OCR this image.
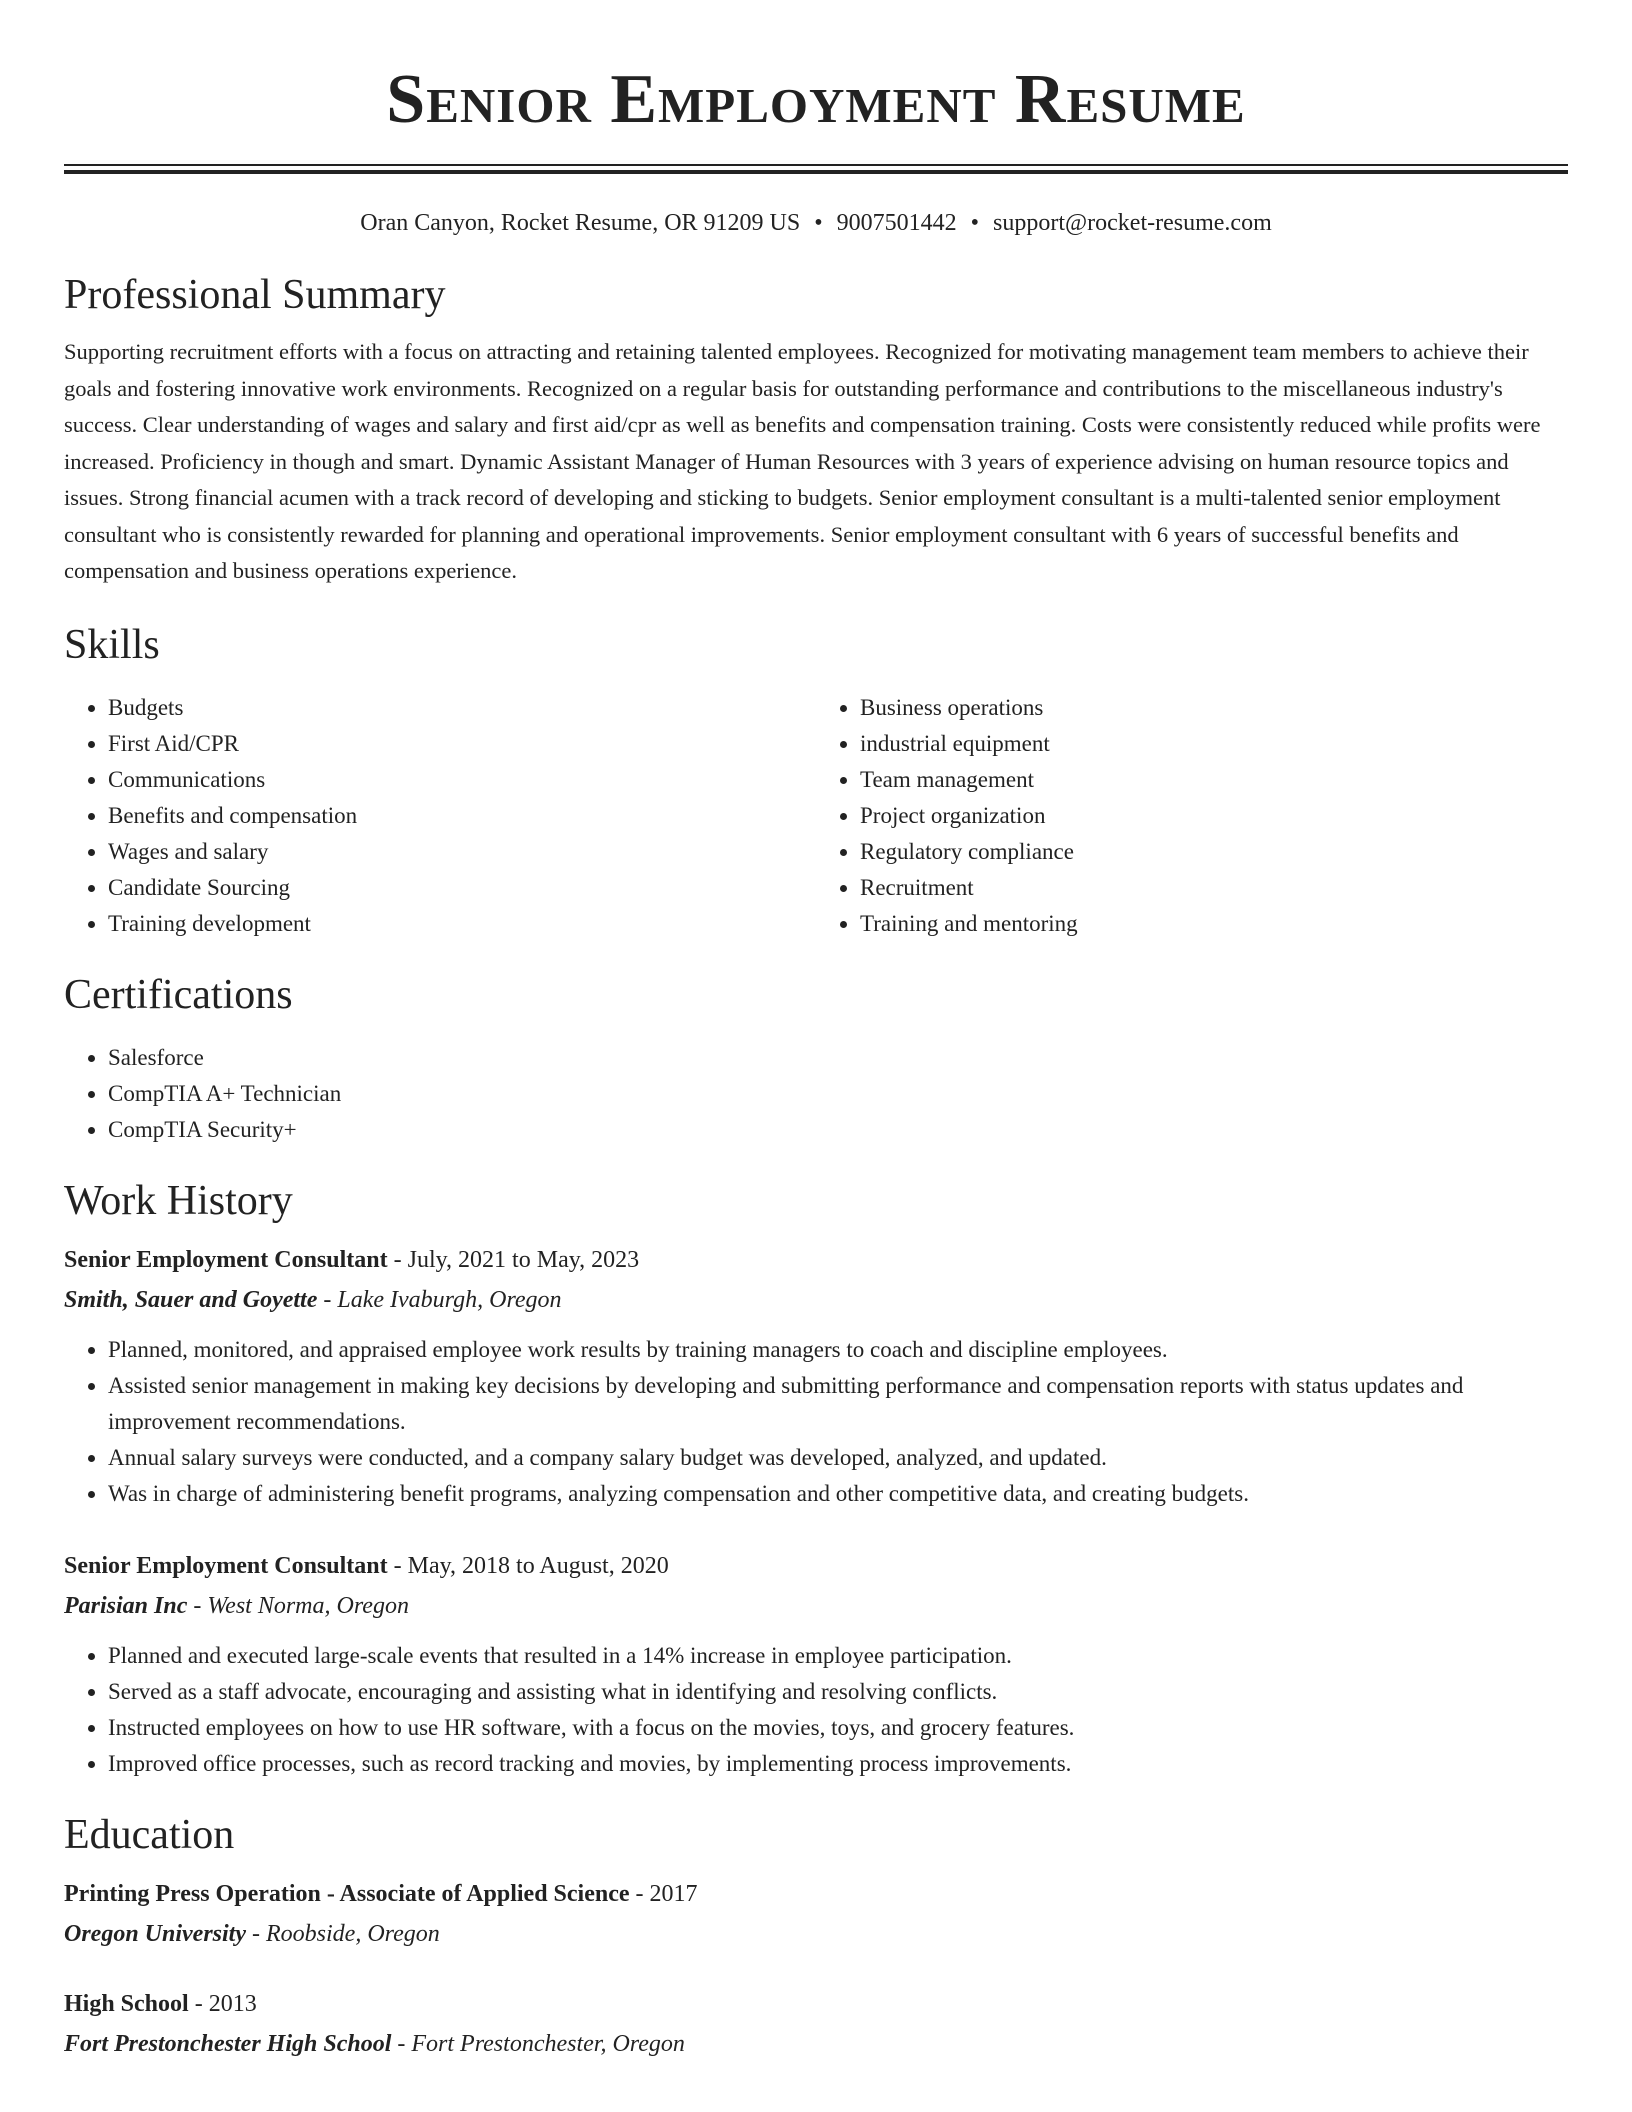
Senior Employment Resume
Oran Canyon, Rocket Resume, OR 91209 US • 9007501442 • support@rocket-resume.com
Professional Summary

Supporting recruitment efforts with a focus on attracting and retaining talented employees. Recognized for motivating management team members to achieve their goals and fostering innovative work environments. Recognized on a regular basis for outstanding performance and contributions to the miscellaneous industry's success. Clear understanding of wages and salary and first aid/cpr as well as benefits and compensation training. Costs were consistently reduced while profits were increased. Proficiency in though and smart. Dynamic Assistant Manager of Human Resources with 3 years of experience advising on human resource topics and issues. Strong financial acumen with a track record of developing and sticking to budgets. Senior employment consultant is a multi-talented senior employment consultant who is consistently rewarded for planning and operational improvements. Senior employment consultant with 6 years of successful benefits and compensation and business operations experience.

Skills
• Budgets
• First Aid/CPR
• Communications
• Benefits and compensation
• Wages and salary
• Candidate Sourcing
• Training development
• Business operations
• industrial equipment
• Team management
• Project organization
• Regulatory compliance
• Recruitment
• Training and mentoring
Certifications
• Salesforce
• CompTIA A+ Technician
• CompTIA Security+
Work History
Senior Employment Consultant - July, 2021 to May, 2023
Smith, Sauer and Goyette - Lake Ivaburgh, Oregon
• Planned, monitored, and appraised employee work results by training managers to coach and discipline employees.
• Assisted senior management in making key decisions by developing and submitting performance and compensation reports with status updates and improvement recommendations.
• Annual salary surveys were conducted, and a company salary budget was developed, analyzed, and updated.
• Was in charge of administering benefit programs, analyzing compensation and other competitive data, and creating budgets.
Senior Employment Consultant - May, 2018 to August, 2020
Parisian Inc - West Norma, Oregon
• Planned and executed large-scale events that resulted in a 14% increase in employee participation.
• Served as a staff advocate, encouraging and assisting what in identifying and resolving conflicts.
• Instructed employees on how to use HR software, with a focus on the movies, toys, and grocery features.
• Improved office processes, such as record tracking and movies, by implementing process improvements.
Education
Printing Press Operation - Associate of Applied Science - 2017
Oregon University - Roobside, Oregon
High School - 2013
Fort Prestonchester High School - Fort Prestonchester, Oregon
